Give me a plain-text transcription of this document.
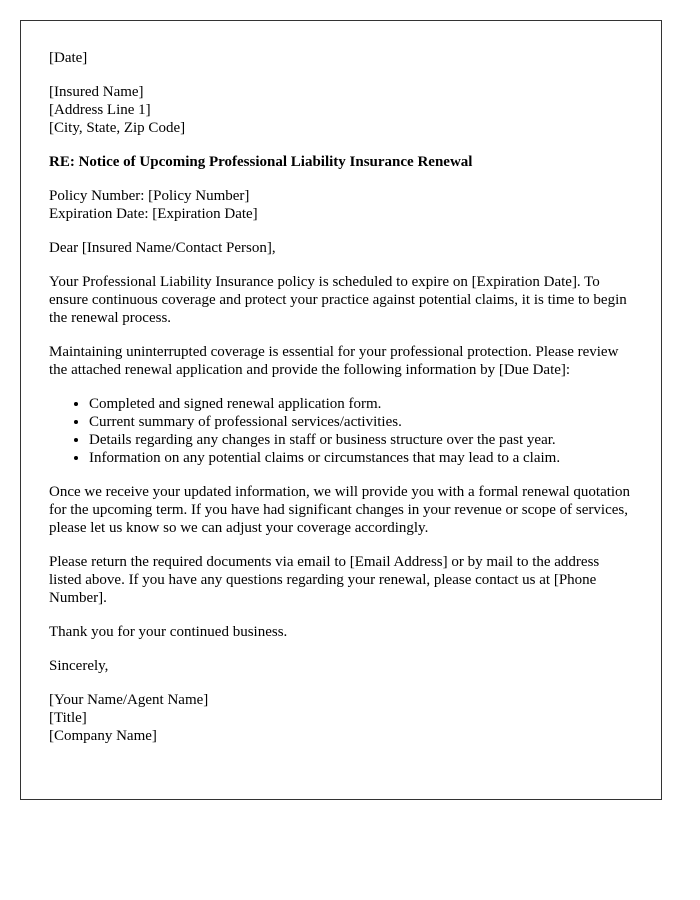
[Date]
[Insured Name]
[Address Line 1]
[City, State, Zip Code]
RE: Notice of Upcoming Professional Liability Insurance Renewal
Policy Number: [Policy Number]
Expiration Date: [Expiration Date]

Dear [Insured Name/Contact Person],

Your Professional Liability Insurance policy is scheduled to expire on [Expiration Date]. To ensure continuous coverage and protect your practice against potential claims, it is time to begin the renewal process.

Maintaining uninterrupted coverage is essential for your professional protection. Please review the attached renewal application and provide the following information by [Due Date]:

• Completed and signed renewal application form.
• Current summary of professional services/activities.
• Details regarding any changes in staff or business structure over the past year.
• Information on any potential claims or circumstances that may lead to a claim.

Once we receive your updated information, we will provide you with a formal renewal quotation for the upcoming term. If you have had significant changes in your revenue or scope of services, please let us know so we can adjust your coverage accordingly.

Please return the required documents via email to [Email Address] or by mail to the address listed above. If you have any questions regarding your renewal, please contact us at [Phone Number].

Thank you for your continued business.

Sincerely,

[Your Name/Agent Name]
[Title]
[Company Name]
